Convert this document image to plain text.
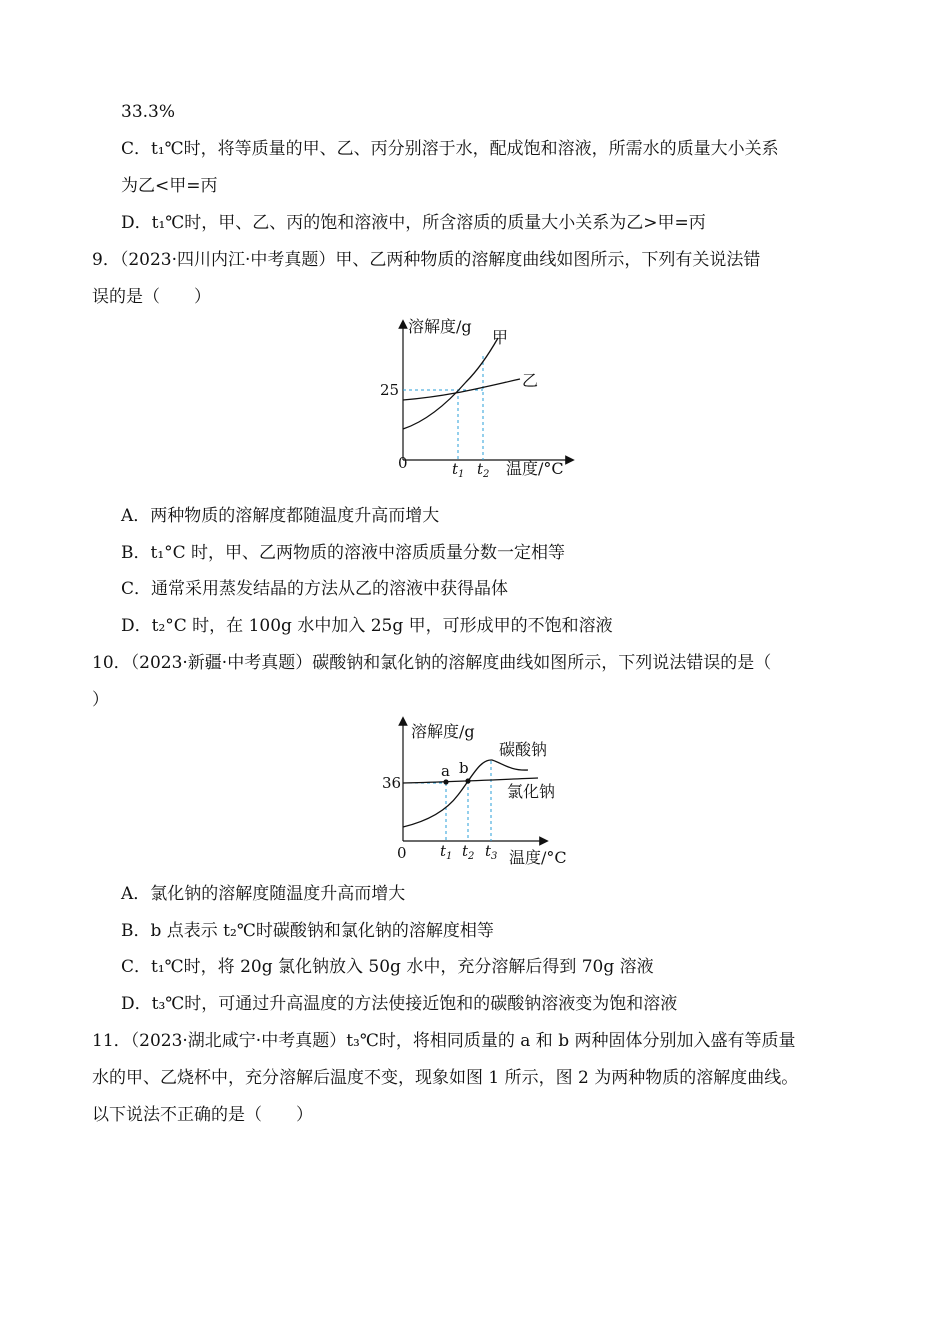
33.3%
C．t₁℃时，将等质量的甲、乙、丙分别溶于水，配成饱和溶液，所需水的质量大小关系
为乙<甲=丙
D．t₁℃时，甲、乙、丙的饱和溶液中，所含溶质的质量大小关系为乙>甲=丙
9．（2023·四川内江·中考真题）甲、乙两种物质的溶解度曲线如图所示，下列有关说法错
误的是（　　）
溶解度/g
0
25
甲
乙
$t_1$ $t_2$ 温度/°C
A．两种物质的溶解度都随温度升高而增大
B．t₁°C 时，甲、乙两物质的溶液中溶质质量分数一定相等
C．通常采用蒸发结晶的方法从乙的溶液中获得晶体
D．t₂°C 时，在 100g 水中加入 25g 甲，可形成甲的不饱和溶液
10．（2023·新疆·中考真题）碳酸钠和氯化钠的溶解度曲线如图所示，下列说法错误的是（
）
溶解度/g
0
36
a b
碳酸钠
氯化钠
$t_1$ $t_2$ $t_3$ 温度/°C
A．氯化钠的溶解度随温度升高而增大
B．b 点表示 t₂℃时碳酸钠和氯化钠的溶解度相等
C．t₁℃时，将 20g 氯化钠放入 50g 水中，充分溶解后得到 70g 溶液
D．t₃℃时，可通过升高温度的方法使接近饱和的碳酸钠溶液变为饱和溶液
11．（2023·湖北咸宁·中考真题）t₃℃时，将相同质量的 a 和 b 两种固体分别加入盛有等质量
水的甲、乙烧杯中，充分溶解后温度不变，现象如图 1 所示，图 2 为两种物质的溶解度曲线。
以下说法不正确的是（　　）
